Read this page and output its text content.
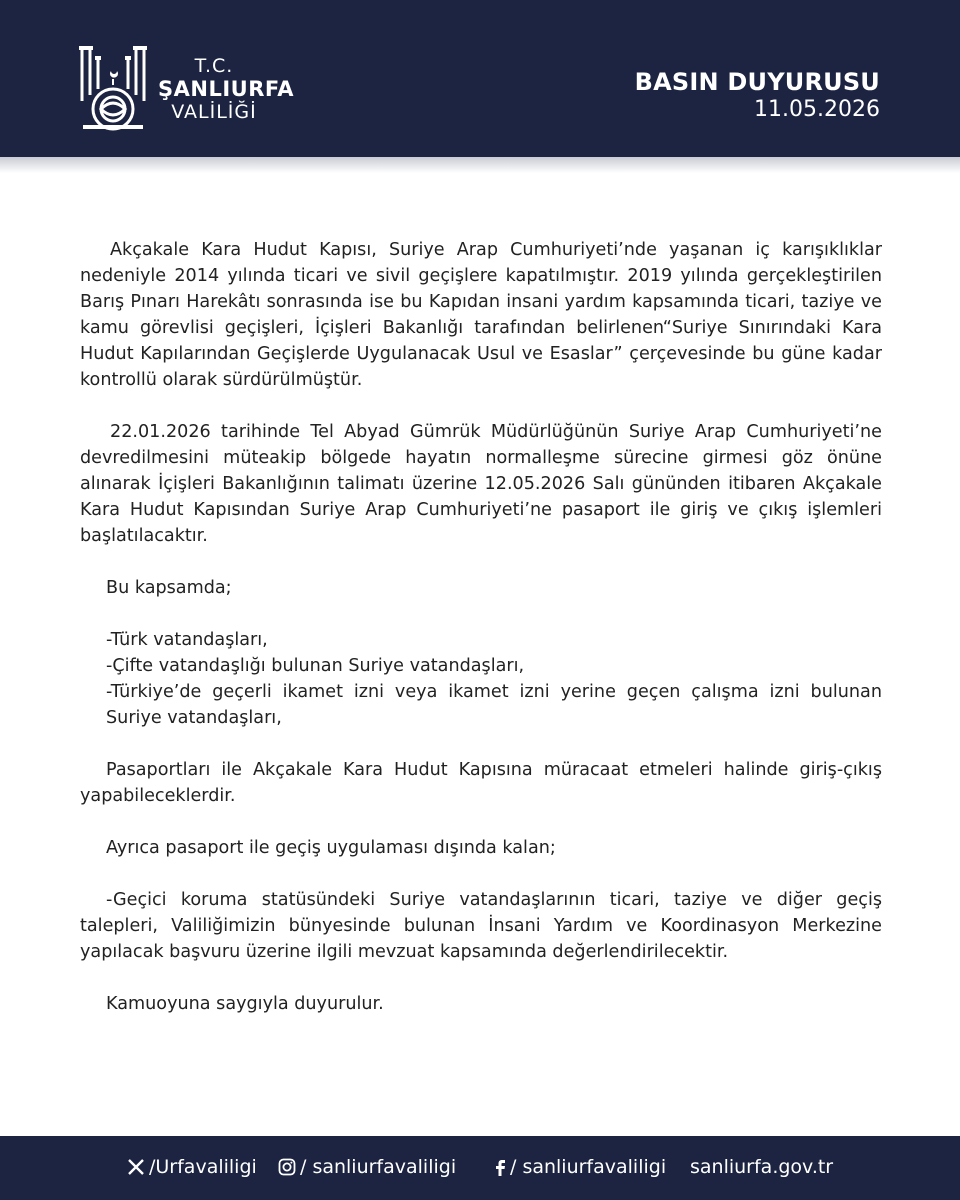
T.C.
ŞANLIURFA
VALİLİĞİ
BASIN DUYURUSU
11.05.2026

Akçakale Kara Hudut Kapısı, Suriye Arap Cumhuriyeti’nde yaşanan iç karışıklıklar nedeniyle 2014 yılında ticari ve sivil geçişlere kapatılmıştır. 2019 yılında gerçekleştirilen Barış Pınarı Harekâtı sonrasında ise bu Kapıdan insani yardım kapsamında ticari, taziye ve kamu görevlisi geçişleri, İçişleri Bakanlığı tarafından belirlenen“Suriye Sınırındaki Kara Hudut Kapılarından Geçişlerde Uygulanacak Usul ve Esaslar” çerçevesinde bu güne kadar kontrollü olarak sürdürülmüştür.

22.01.2026 tarihinde Tel Abyad Gümrük Müdürlüğünün Suriye Arap Cumhuriyeti’ne devredilmesini müteakip bölgede hayatın normalleşme sürecine girmesi göz önüne alınarak İçişleri Bakanlığının talimatı üzerine 12.05.2026 Salı gününden itibaren Akçakale Kara Hudut Kapısından Suriye Arap Cumhuriyeti’ne pasaport ile giriş ve çıkış işlemleri başlatılacaktır.

Bu kapsamda;

-Türk vatandaşları,

-Çifte vatandaşlığı bulunan Suriye vatandaşları,

-Türkiye’de geçerli ikamet izni veya ikamet izni yerine geçen çalışma izni bulunan Suriye vatandaşları,

Pasaportları ile Akçakale Kara Hudut Kapısına müracaat etmeleri halinde giriş-çıkış yapabileceklerdir.

Ayrıca pasaport ile geçiş uygulaması dışında kalan;

-Geçici koruma statüsündeki Suriye vatandaşlarının ticari, taziye ve diğer geçiş talepleri, Valiliğimizin bünyesinde bulunan İnsani Yardım ve Koordinasyon Merkezine yapılacak başvuru üzerine ilgili mevzuat kapsamında değerlendirilecektir.

Kamuoyuna saygıyla duyurulur.

/Urfavaliligi / sanliurfavaliligi	/ sanliurfavaliligi sanliurfa.gov.tr
